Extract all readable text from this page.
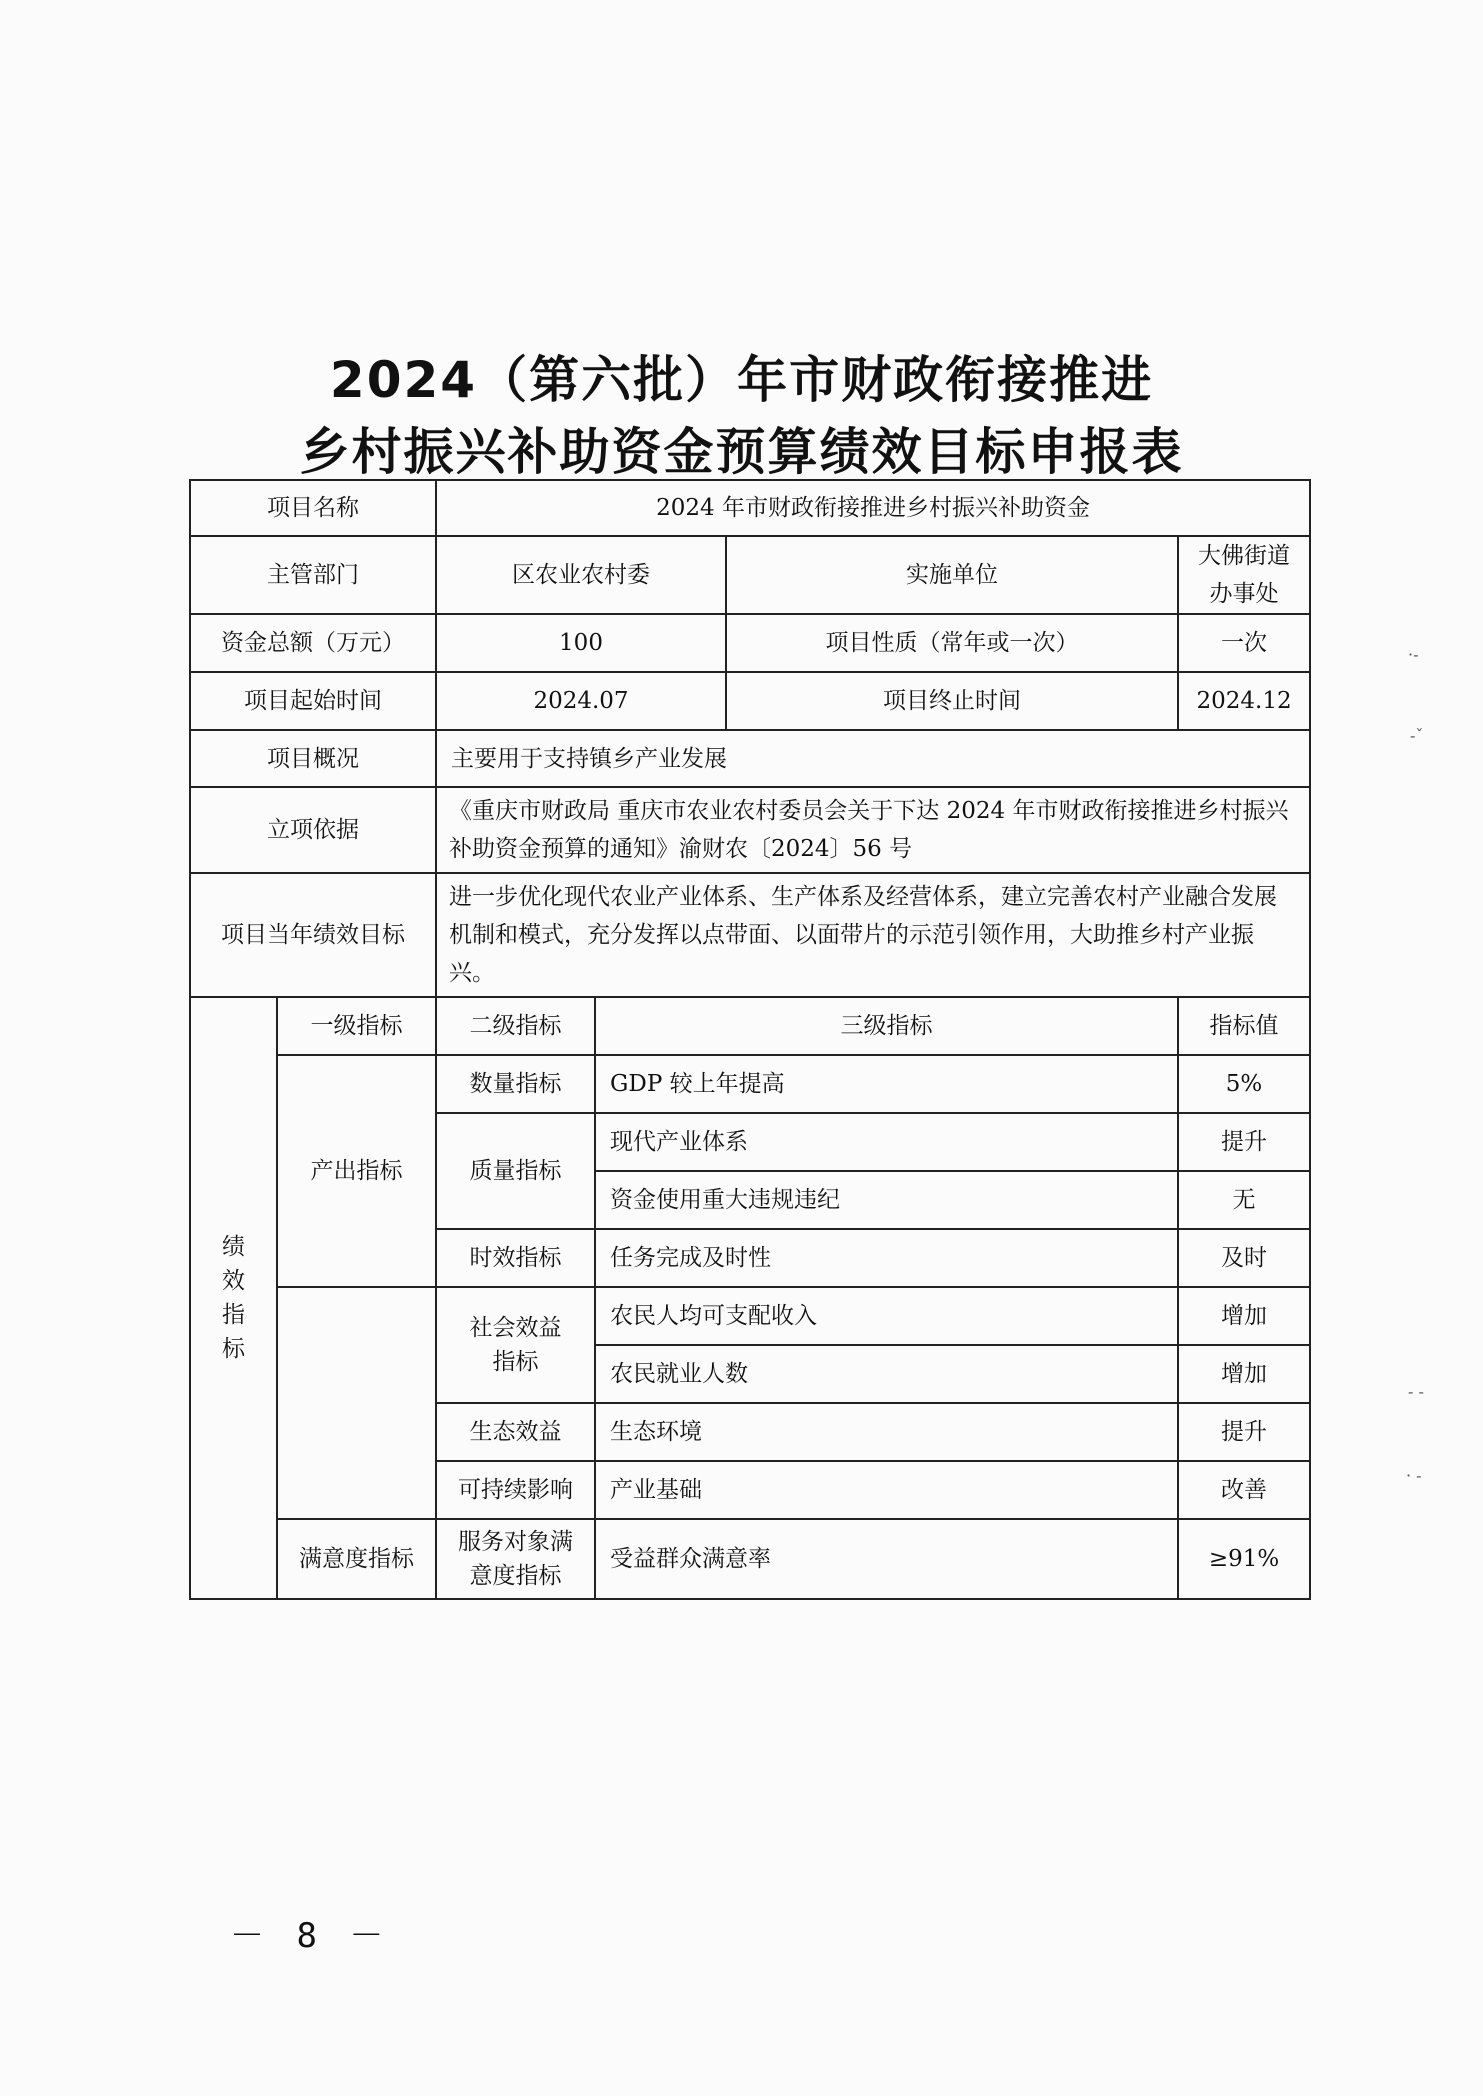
2024（第六批）年市财政衔接推进
乡村振兴补助资金预算绩效目标申报表
项目名称		2024 年市财政衔接推进乡村振兴补助资金			
主管部门		区农业农村委		实施单位	大佛街道办事处
资金总额（万元）		100		项目性质（常年或一次）	一次
项目起始时间		2024.07		项目终止时间	2024.12
项目概况		主要用于支持镇乡产业发展			
立项依据		《重庆市财政局 重庆市农业农村委员会关于下达 2024 年市财政衔接推进乡村振兴补助资金预算的通知》渝财农〔2024〕56 号			
项目当年绩效目标		进一步优化现代农业产业体系、生产体系及经营体系，建立完善农村产业融合发展机制和模式，充分发挥以点带面、以面带片的示范引领作用，大助推乡村产业振兴。			
绩效指标	一级指标	二级指标	三级指标		指标值
	产出指标	数量指标	GDP 较上年提高		5%
		质量指标	现代产业体系		提升
			资金使用重大违规违纪		无
		时效指标	任务完成及时性		及时
		社会效益指标	农民人均可支配收入		增加
			农民就业人数		增加
		生态效益	生态环境		提升
		可持续影响	产业基础		改善
	满意度指标	服务对象满意度指标	受益群众满意率		≥91%
－ 8 －
·-
-ˇ
- -
· -
